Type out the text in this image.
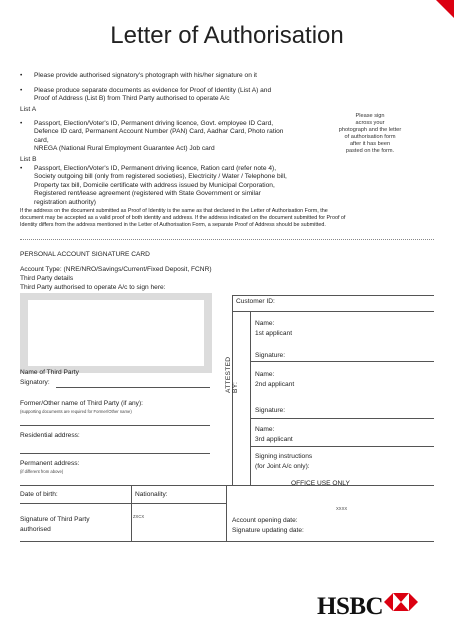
Letter of Authorisation
• Please provide authorised signatory's photograph with his/her signature on it
• Please produce separate documents as evidence for Proof of Identity (List A) and
Proof of Address (List B) from Third Party authorised to operate A/c
List A
• Passport, Election/Voter's ID, Permanent driving licence, Govt. employee ID Card,
Defence ID card, Permanent Account Number (PAN) Card, Aadhar Card, Photo ration
card,
NREGA (National Rural Employment Guarantee Act) Job card
Please sign
across your
photograph and the letter
of authorisation form
after it has been
pasted on the form.
List B
• Passport, Election/Voter's ID, Permanent driving licence, Ration card (refer note 4),
Society outgoing bill (only from registered societies), Electricity / Water / Telephone bill,
Property tax bill, Domicile certificate with address issued by Municipal Corporation,
Registered rent/lease agreement (registered with State Government or similar
registration authority)
If the address on the document submitted as Proof of Identity is the same as that declared in the Letter of Authorisation Form, the
document may be accepted as a valid proof of both identity and address. If the address indicated on the document submitted for Proof of
Identity differs from the address mentioned in the Letter of Authorisation Form, a separate Proof of Address should be submitted.
PERSONAL ACCOUNT SIGNATURE CARD
Account Type: (NRE/NRO/Savings/Current/Fixed Deposit, FCNR)
Third Party details
Third Party authorised to operate A/c to sign here:
Customer ID:
Name:
1st applicant
Signature:
Name:
2nd applicant
Signature:
Name:
3rd applicant
Signing instructions
(for Joint A/c only):
ATTESTED BY:
Name of Third Party
Signatory:
Former/Other name of Third Party (if any):
(supporting documents are required for Former/Other name)
Residential address:
Permanent address:
(if different from above)
Date of birth:	Nationality:
OFFICE USE ONLY
Signature of Third Party
authorised
ZXCX
XXXX
Account opening date:
Signature updating date:
HSBC
